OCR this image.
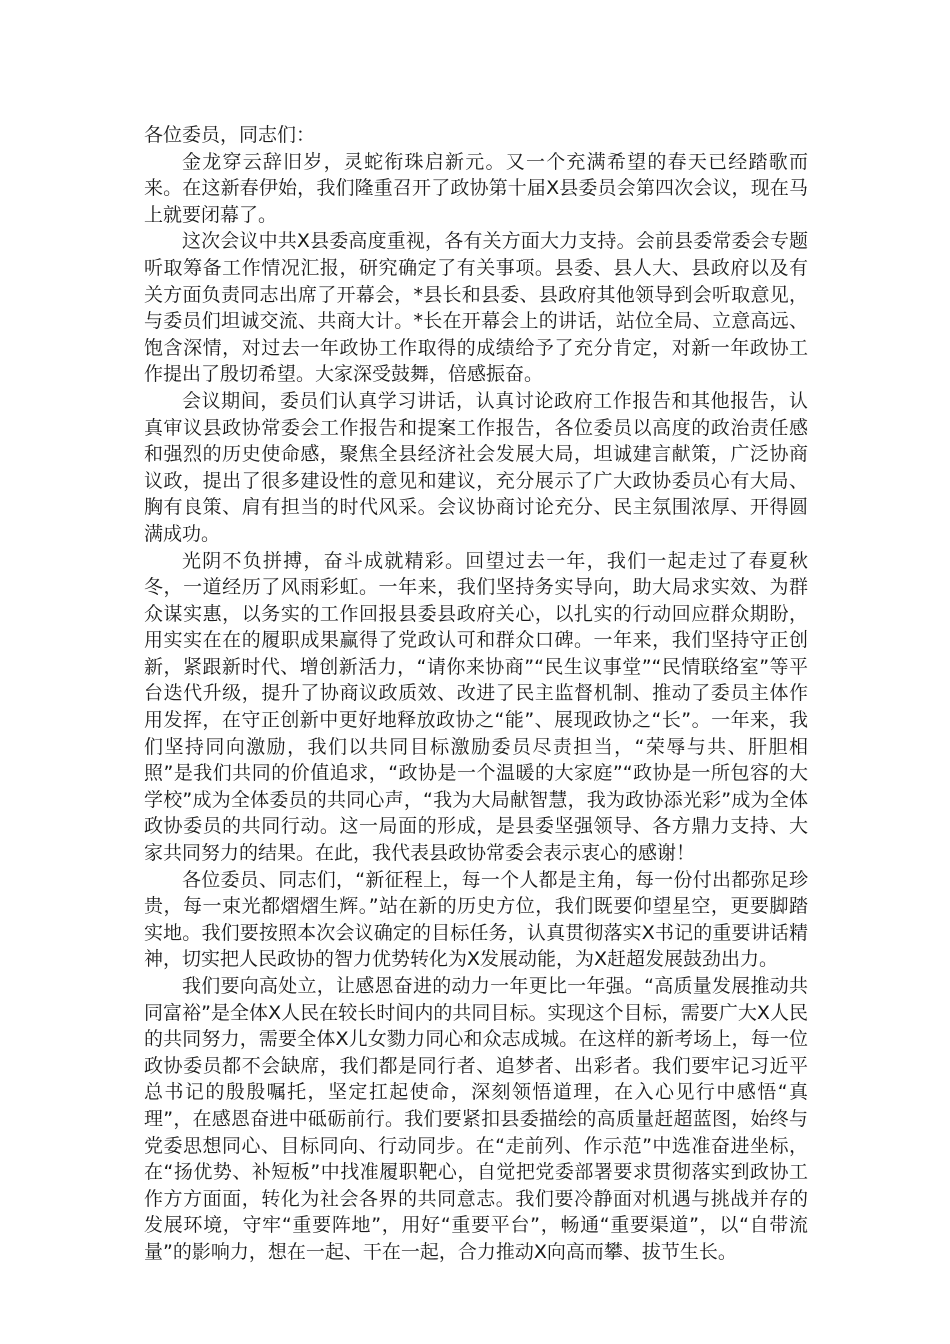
各位委员，同志们：

金龙穿云辞旧岁，灵蛇衔珠启新元。又一个充满希望的春天已经踏歌而来。在这新春伊始，我们隆重召开了政协第十届X县委员会第四次会议，现在马上就要闭幕了。

这次会议中共X县委高度重视，各有关方面大力支持。会前县委常委会专题听取筹备工作情况汇报，研究确定了有关事项。县委、县人大、县政府以及有关方面负责同志出席了开幕会，*县长和县委、县政府其他领导到会听取意见，与委员们坦诚交流、共商大计。*长在开幕会上的讲话，站位全局、立意高远、饱含深情，对过去一年政协工作取得的成绩给予了充分肯定，对新一年政协工作提出了殷切希望。大家深受鼓舞，倍感振奋。

会议期间，委员们认真学习讲话，认真讨论政府工作报告和其他报告，认真审议县政协常委会工作报告和提案工作报告，各位委员以高度的政治责任感和强烈的历史使命感，聚焦全县经济社会发展大局，坦诚建言献策，广泛协商议政，提出了很多建设性的意见和建议，充分展示了广大政协委员心有大局、胸有良策、肩有担当的时代风采。会议协商讨论充分、民主氛围浓厚、开得圆满成功。

光阴不负拼搏，奋斗成就精彩。回望过去一年，我们一起走过了春夏秋冬，一道经历了风雨彩虹。一年来，我们坚持务实导向，助大局求实效、为群众谋实惠，以务实的工作回报县委县政府关心，以扎实的行动回应群众期盼，用实实在在的履职成果赢得了党政认可和群众口碑。一年来，我们坚持守正创新，紧跟新时代、增创新活力，“请你来协商”“民生议事堂”“民情联络室”等平台迭代升级，提升了协商议政质效、改进了民主监督机制、推动了委员主体作用发挥，在守正创新中更好地释放政协之“能”、展现政协之“长”。一年来，我们坚持同向激励，我们以共同目标激励委员尽责担当，“荣辱与共、肝胆相照”是我们共同的价值追求，“政协是一个温暖的大家庭”“政协是一所包容的大学校”成为全体委员的共同心声，“我为大局献智慧，我为政协添光彩”成为全体政协委员的共同行动。这一局面的形成，是县委坚强领导、各方鼎力支持、大家共同努力的结果。在此，我代表县政协常委会表示衷心的感谢！

各位委员、同志们，“新征程上，每一个人都是主角，每一份付出都弥足珍贵，每一束光都熠熠生辉。”站在新的历史方位，我们既要仰望星空，更要脚踏实地。我们要按照本次会议确定的目标任务，认真贯彻落实X书记的重要讲话精神，切实把人民政协的智力优势转化为X发展动能，为X赶超发展鼓劲出力。

我们要向高处立，让感恩奋进的动力一年更比一年强。“高质量发展推动共同富裕”是全体X人民在较长时间内的共同目标。实现这个目标，需要广大X人民的共同努力，需要全体X儿女勠力同心和众志成城。在这样的新考场上，每一位政协委员都不会缺席，我们都是同行者、追梦者、出彩者。我们要牢记习近平总书记的殷殷嘱托，坚定扛起使命，深刻领悟道理，在入心见行中感悟“真理”，在感恩奋进中砥砺前行。我们要紧扣县委描绘的高质量赶超蓝图，始终与党委思想同心、目标同向、行动同步。在“走前列、作示范”中选准奋进坐标，在“扬优势、补短板”中找准履职靶心，自觉把党委部署要求贯彻落实到政协工作方方面面，转化为社会各界的共同意志。我们要冷静面对机遇与挑战并存的发展环境，守牢“重要阵地”，用好“重要平台”，畅通“重要渠道”，以“自带流量”的影响力，想在一起、干在一起，合力推动X向高而攀、拔节生长。
